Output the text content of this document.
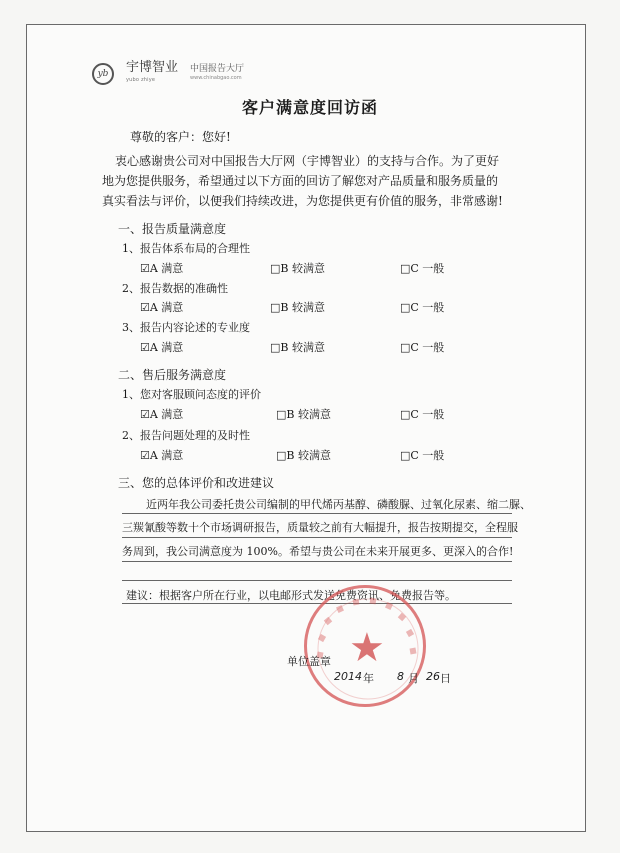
yb	宇博智业
yubo zhiye
中国报告大厅
www.chinabgao.com
客户满意度回访函
尊敬的客户：您好!
衷心感谢贵公司对中国报告大厅网（宇博智业）的支持与合作。为了更好
地为您提供服务，希望通过以下方面的回访了解您对产品质量和服务质量的
真实看法与评价，以便我们持续改进，为您提供更有价值的服务，非常感谢!
一、报告质量满意度
1、报告体系布局的合理性
☑A 满意	□B 较满意	□C 一般
2、报告数据的准确性
☑A 满意	□B 较满意	□C 一般
3、报告内容论述的专业度
☑A 满意	□B 较满意	□C 一般
二、售后服务满意度
1、您对客服顾问态度的评价
☑A 满意	□B 较满意	□C 一般
2、报告问题处理的及时性
☑A 满意	□B 较满意	□C 一般
三、您的总体评价和改进建议
近两年我公司委托贵公司编制的甲代烯丙基醇、磷酸脲、过氧化尿素、缩二脲、
三羰氰酸等数十个市场调研报告，质量较之前有大幅提升，报告按期提交，全程服
务周到，我公司满意度为 100%。希望与贵公司在未来开展更多、更深入的合作!
建议：根据客户所在行业，以电邮形式发送免费资讯、免费报告等。
★
单位盖章
2014 年 8 月 26 日
